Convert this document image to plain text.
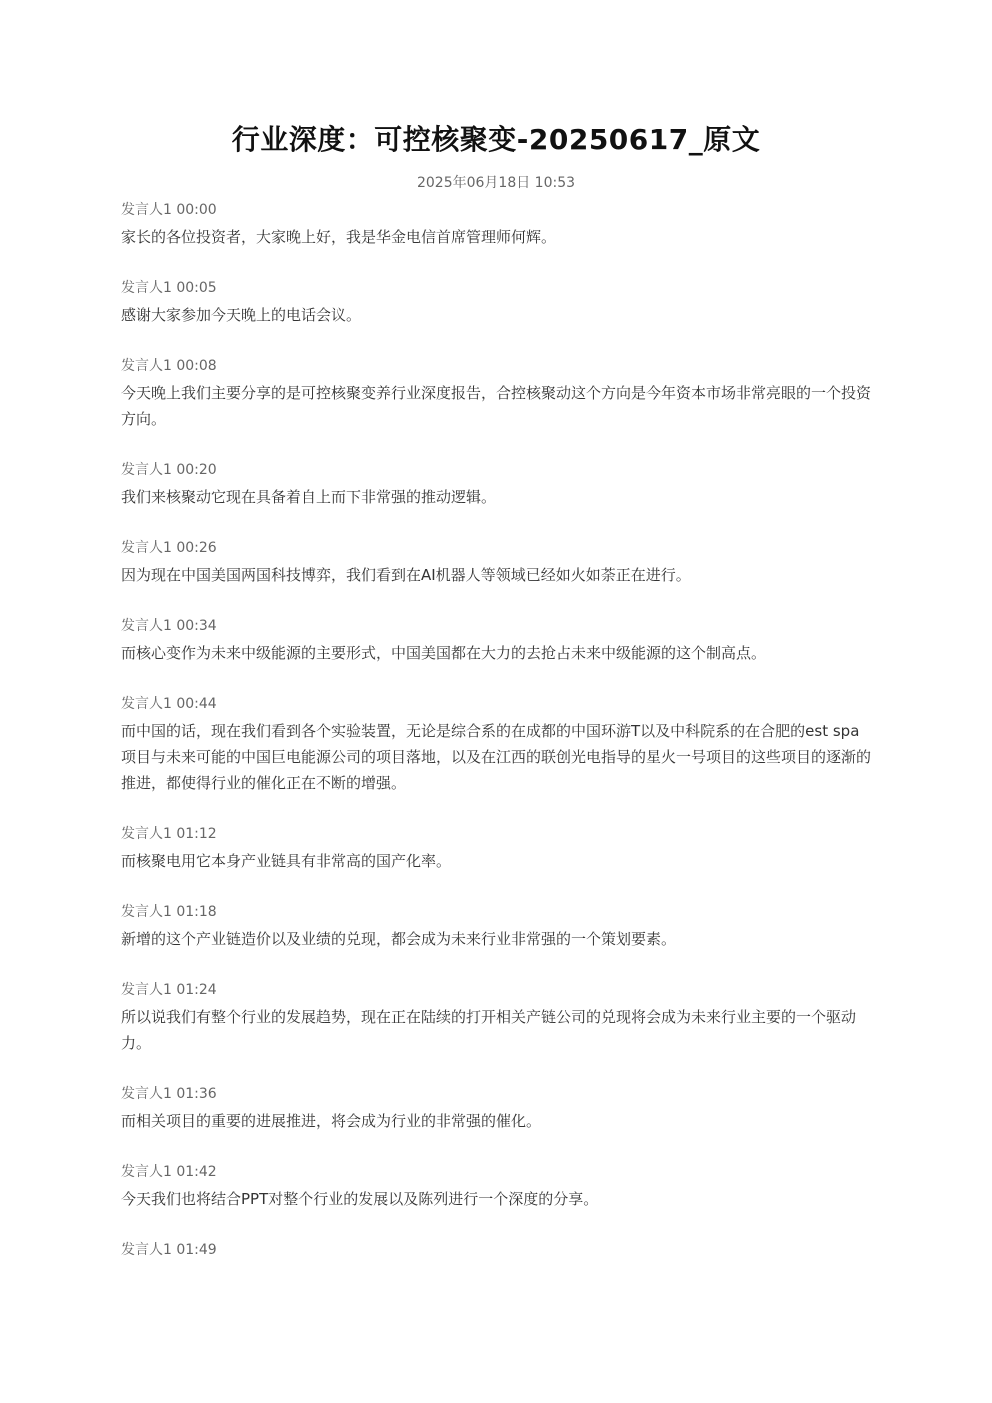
行业深度：可控核聚变-20250617_原文
2025年06月18日 10:53
发言人1 00:00
家长的各位投资者，大家晚上好，我是华金电信首席管理师何辉。
发言人1 00:05
感谢大家参加今天晚上的电话会议。
发言人1 00:08
今天晚上我们主要分享的是可控核聚变养行业深度报告，合控核聚动这个方向是今年资本市场非常亮眼的一个投资方向。
发言人1 00:20
我们来核聚动它现在具备着自上而下非常强的推动逻辑。
发言人1 00:26
因为现在中国美国两国科技博弈，我们看到在AI机器人等领域已经如火如荼正在进行。
发言人1 00:34
而核心变作为未来中级能源的主要形式，中国美国都在大力的去抢占未来中级能源的这个制高点。
发言人1 00:44
而中国的话，现在我们看到各个实验装置，无论是综合系的在成都的中国环游T以及中科院系的在合肥的est spa项目与未来可能的中国巨电能源公司的项目落地，以及在江西的联创光电指导的星火一号项目的这些项目的逐渐的推进，都使得行业的催化正在不断的增强。
发言人1 01:12
而核聚电用它本身产业链具有非常高的国产化率。
发言人1 01:18
新增的这个产业链造价以及业绩的兑现，都会成为未来行业非常强的一个策划要素。
发言人1 01:24
所以说我们有整个行业的发展趋势，现在正在陆续的打开相关产链公司的兑现将会成为未来行业主要的一个驱动力。
发言人1 01:36
而相关项目的重要的进展推进，将会成为行业的非常强的催化。
发言人1 01:42
今天我们也将结合PPT对整个行业的发展以及陈列进行一个深度的分享。
发言人1 01:49
